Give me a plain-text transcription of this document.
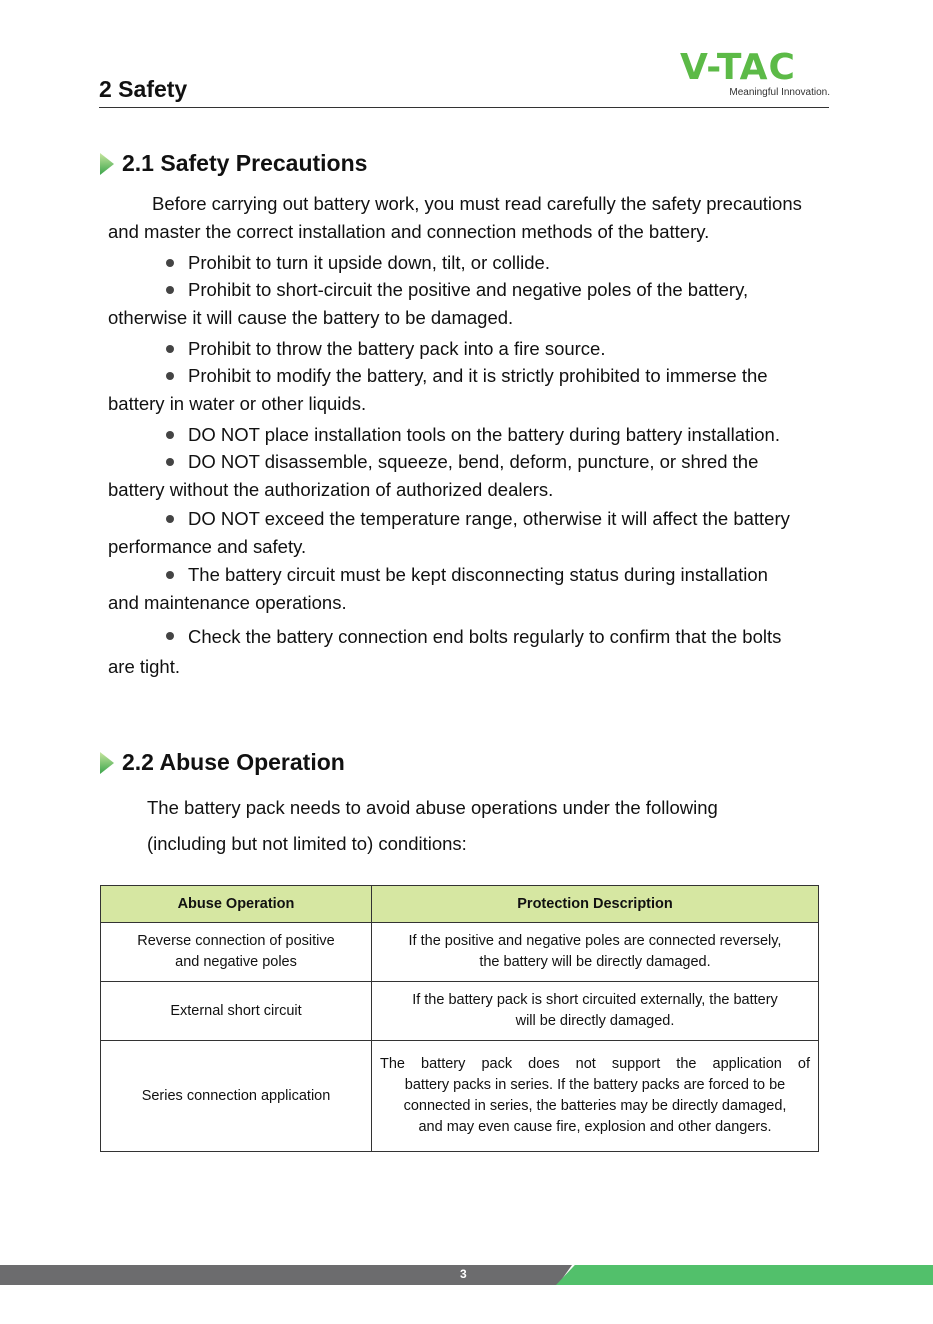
2 Safety
V-TAC
Meaningful Innovation.
2.1 Safety Precautions

Before carrying out battery work, you must read carefully the safety precautions
and master the correct installation and connection methods of the battery.

Prohibit to turn it upside down, tilt, or collide.
Prohibit to short-circuit the positive and negative poles of the battery,
otherwise it will cause the battery to be damaged.
Prohibit to throw the battery pack into a fire source.
Prohibit to modify the battery, and it is strictly prohibited to immerse the
battery in water or other liquids.
DO NOT place installation tools on the battery during battery installation.
DO NOT disassemble, squeeze, bend, deform, puncture, or shred the
battery without the authorization of authorized dealers.
DO NOT exceed the temperature range, otherwise it will affect the battery
performance and safety.
The battery circuit must be kept disconnecting status during installation
and maintenance operations.
Check the battery connection end bolts regularly to confirm that the bolts
are tight.
2.2 Abuse Operation

The battery pack needs to avoid abuse operations under the following
(including but not limited to) conditions:

Abuse Operation	Protection Description

Reverse connection of positive
and negative poles	If the positive and negative poles are connected reversely,
the battery will be directly damaged.

External short circuit	If the battery pack is short circuited externally, the battery
will be directly damaged.

Series connection application	The battery pack does not support the application of
battery packs in series. If the battery packs are forced to be
connected in series, the batteries may be directly damaged,
and may even cause fire, explosion and other dangers.
3
